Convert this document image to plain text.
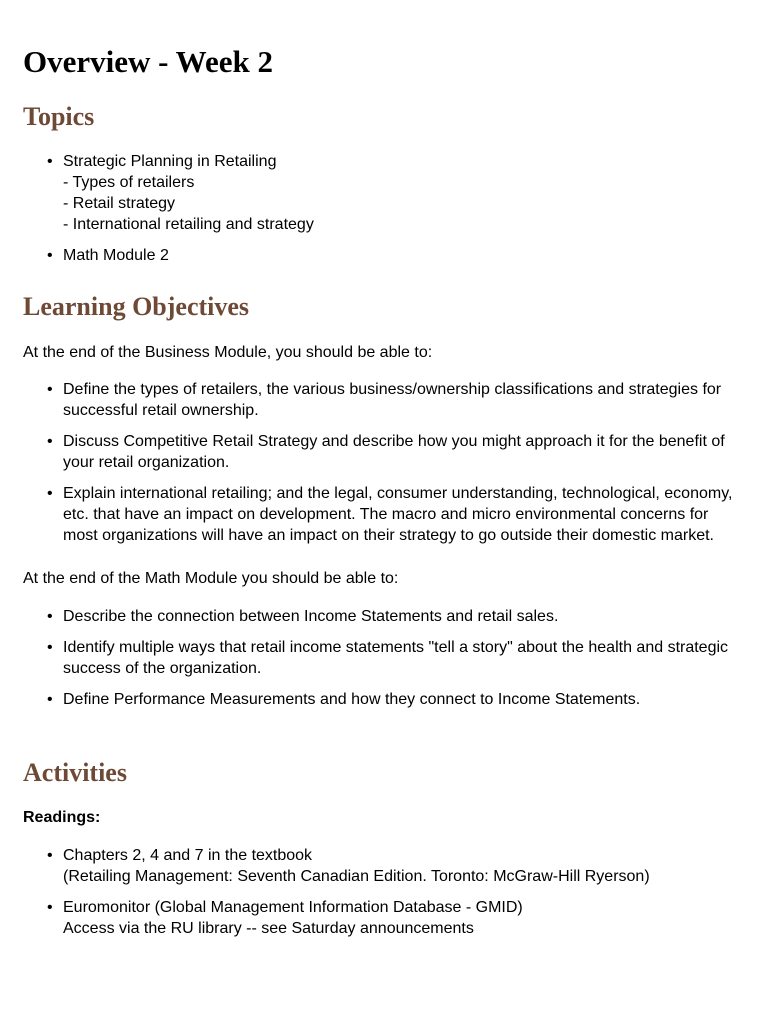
Overview - Week 2
Topics
• Strategic Planning in Retailing
- Types of retailers
- Retail strategy
- International retailing and strategy
• Math Module 2
Learning Objectives

At the end of the Business Module, you should be able to:

• Define the types of retailers, the various business/ownership classifications and strategies for successful retail ownership.
• Discuss Competitive Retail Strategy and describe how you might approach it for the benefit of your retail organization.
• Explain international retailing; and the legal, consumer understanding, technological, economy, etc. that have an impact on development. The macro and micro environmental concerns for most organizations will have an impact on their strategy to go outside their domestic market.

At the end of the Math Module you should be able to:

• Describe the connection between Income Statements and retail sales.
• Identify multiple ways that retail income statements "tell a story" about the health and strategic success of the organization.
• Define Performance Measurements and how they connect to Income Statements.
Activities

Readings:

• Chapters 2, 4 and 7 in the textbook
(Retailing Management: Seventh Canadian Edition. Toronto: McGraw-Hill Ryerson)
• Euromonitor (Global Management Information Database - GMID)
Access via the RU library -- see Saturday announcements
